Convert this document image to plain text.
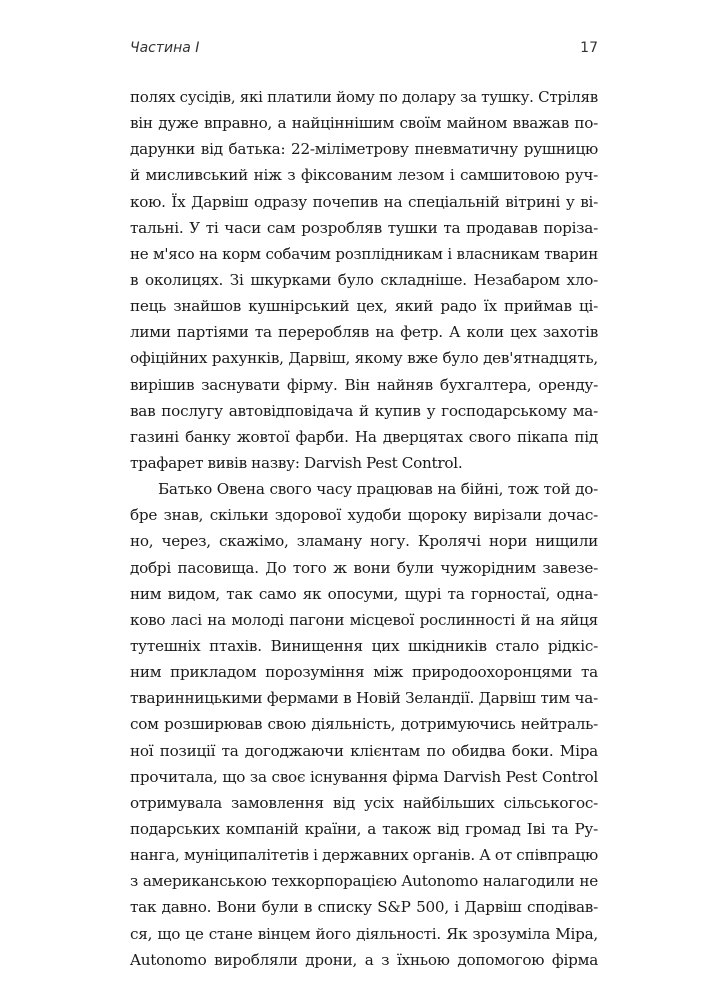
Частина І	17

полях сусідів, які платили йому по долару за тушку. Стріляв
він дуже вправно, а найціннішим своїм майном вважав по-
дарунки від батька: 22-міліметрову пневматичну рушницю
й мисливський ніж з фіксованим лезом і самшитовою руч-
кою. Їх Дарвіш одразу почепив на спеціальній вітрині у ві-
тальні. У ті часи сам розробляв тушки та продавав порізa-
не м'ясо на корм собачим розплідникам і власникам тварин
в околицях. Зі шкурками було складніше. Незабаром хло-
пець знайшов кушнірський цех, який радо їх приймав ці-
лими партіями та переробляв на фетр. А коли цех захотів
офіційних рахунків, Дарвіш, якому вже було дев'ятнадцять,
вирішив заснувати фірму. Він найняв бухгалтера, оренду-
вав послугу автовідповідача й купив у господарському ма-
газині банку жовтої фарби. На дверцятах свого пікапа під
трафарет вивів назву: Darvish Pest Control.

Батько Овена свого часу працював на бійні, тож той до-
бре знав, скільки здорової худоби щороку вирізали дочас-
но, через, скажімо, зламану ногу. Кролячі нори нищили
добрі пасовища. До того ж вони були чужорідним завезе-
ним видом, так само як опосуми, щурі та горностаї, одна-
ково ласі на молоді пагони місцевої рослинності й на яйця
тутешніх птахів. Винищення цих шкідників стало рідкіс-
ним прикладом порозуміння між природоохоронцями та
тваринницькими фермами в Новій Зеландії. Дарвіш тим ча-
сом розширював свою діяльність, дотримуючись нейтраль-
ної позиції та догоджаючи клієнтам по обидва боки. Міра
прочитала, що за своє існування фірма Darvish Pest Control
отримувала замовлення від усіх найбільших сільськогос-
подарських компаній країни, а також від громад Іві та Ру-
нанга, муніципалітетів і державних органів. А от співпрацю
з американською техкорпорацією Autonomo налагодили не
так давно. Вони були в списку S&P 500, і Дарвіш сподівав-
ся, що це стане вінцем його діяльності. Як зрозуміла Міра,
Autonomo виробляли дрони, а з їхньою допомогою фірма
